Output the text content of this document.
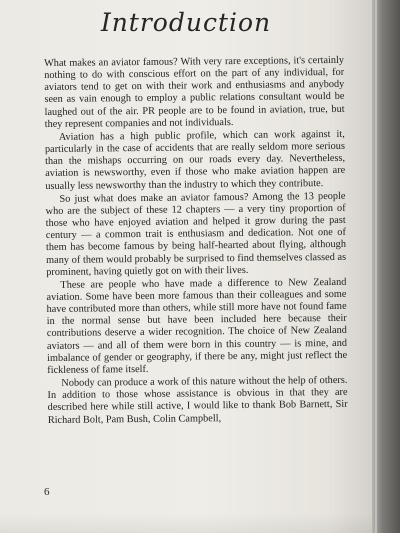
Introduction

What makes an aviator famous? With very rare exceptions, it's certainly nothing to do with conscious effort on the part of any individual, for aviators tend to get on with their work and enthusiasms and anybody seen as vain enough to employ a public relations consultant would be laughed out of the air. PR people are to be found in aviation, true, but they represent companies and not individuals.

Aviation has a high public profile, which can work against it, particularly in the case of accidents that are really seldom more serious than the mishaps occurring on our roads every day. Nevertheless, aviation is newsworthy, even if those who make aviation happen are usually less newsworthy than the industry to which they contribute.

So just what does make an aviator famous? Among the 13 people who are the subject of these 12 chapters — a very tiny proportion of those who have enjoyed aviation and helped it grow during the past century — a common trait is enthusiasm and dedication. Not one of them has become famous by being half-hearted about flying, although many of them would probably be surprised to find themselves classed as prominent, having quietly got on with their lives.

These are people who have made a difference to New Zealand aviation. Some have been more famous than their colleagues and some have contributed more than others, while still more have not found fame in the normal sense but have been included here because their contributions deserve a wider recognition. The choice of New Zealand aviators — and all of them were born in this country — is mine, and imbalance of gender or geography, if there be any, might just reflect the fickleness of fame itself.

Nobody can produce a work of this nature without the help of others. In addition to those whose assistance is obvious in that they are described here while still active, I would like to thank Bob Barnett, Sir Richard Bolt, Pam Bush, Colin Campbell,

6
